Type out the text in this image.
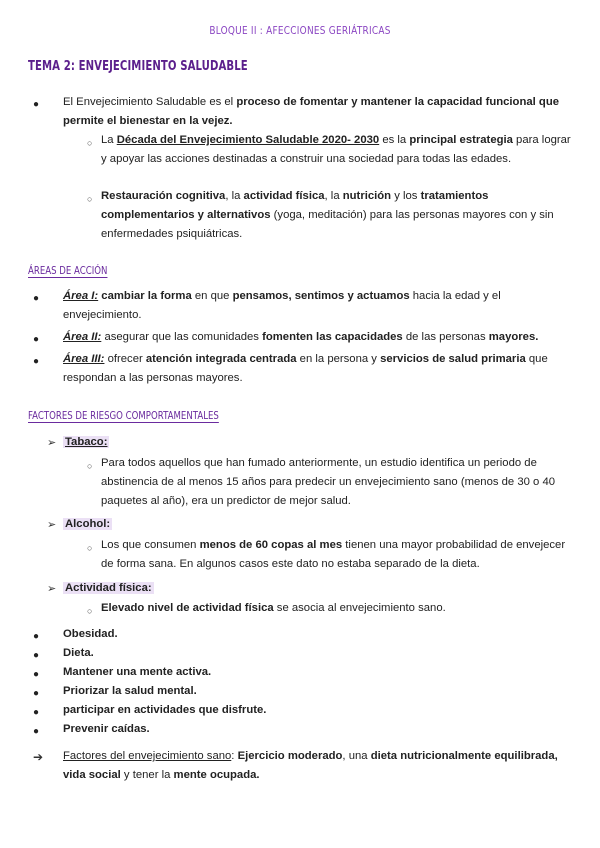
BLOQUE II : AFECCIONES GERIÁTRICAS
TEMA 2: ENVEJECIMIENTO SALUDABLE
● El Envejecimiento Saludable es el proceso de fomentar y mantener la capacidad funcional que permite el bienestar en la vejez.
○ La Década del Envejecimiento Saludable 2020- 2030 es la principal estrategia para lograr y apoyar las acciones destinadas a construir una sociedad para todas las edades.
○ Restauración cognitiva, la actividad física, la nutrición y los tratamientos complementarios y alternativos (yoga, meditación) para las personas mayores con y sin enfermedades psiquiátricas.
ÁREAS DE ACCIÓN
● Área I: cambiar la forma en que pensamos, sentimos y actuamos hacia la edad y el envejecimiento.
● Área II: asegurar que las comunidades fomenten las capacidades de las personas mayores.
● Área III: ofrecer atención integrada centrada en la persona y servicios de salud primaria que respondan a las personas mayores.
FACTORES DE RIESGO COMPORTAMENTALES
➢ Tabaco:
○ Para todos aquellos que han fumado anteriormente, un estudio identifica un periodo de abstinencia de al menos 15 años para predecir un envejecimiento sano (menos de 30 o 40 paquetes al año), era un predictor de mejor salud.
➢ Alcohol:
○ Los que consumen menos de 60 copas al mes tienen una mayor probabilidad de envejecer de forma sana. En algunos casos este dato no estaba separado de la dieta.
➢ Actividad física:
○ Elevado nivel de actividad física se asocia al envejecimiento sano.
● Obesidad.
● Dieta.
● Mantener una mente activa.
● Priorizar la salud mental.
● participar en actividades que disfrute.
● Prevenir caídas.
➔ Factores del envejecimiento sano: Ejercicio moderado, una dieta nutricionalmente equilibrada, vida social y tener la mente ocupada.
